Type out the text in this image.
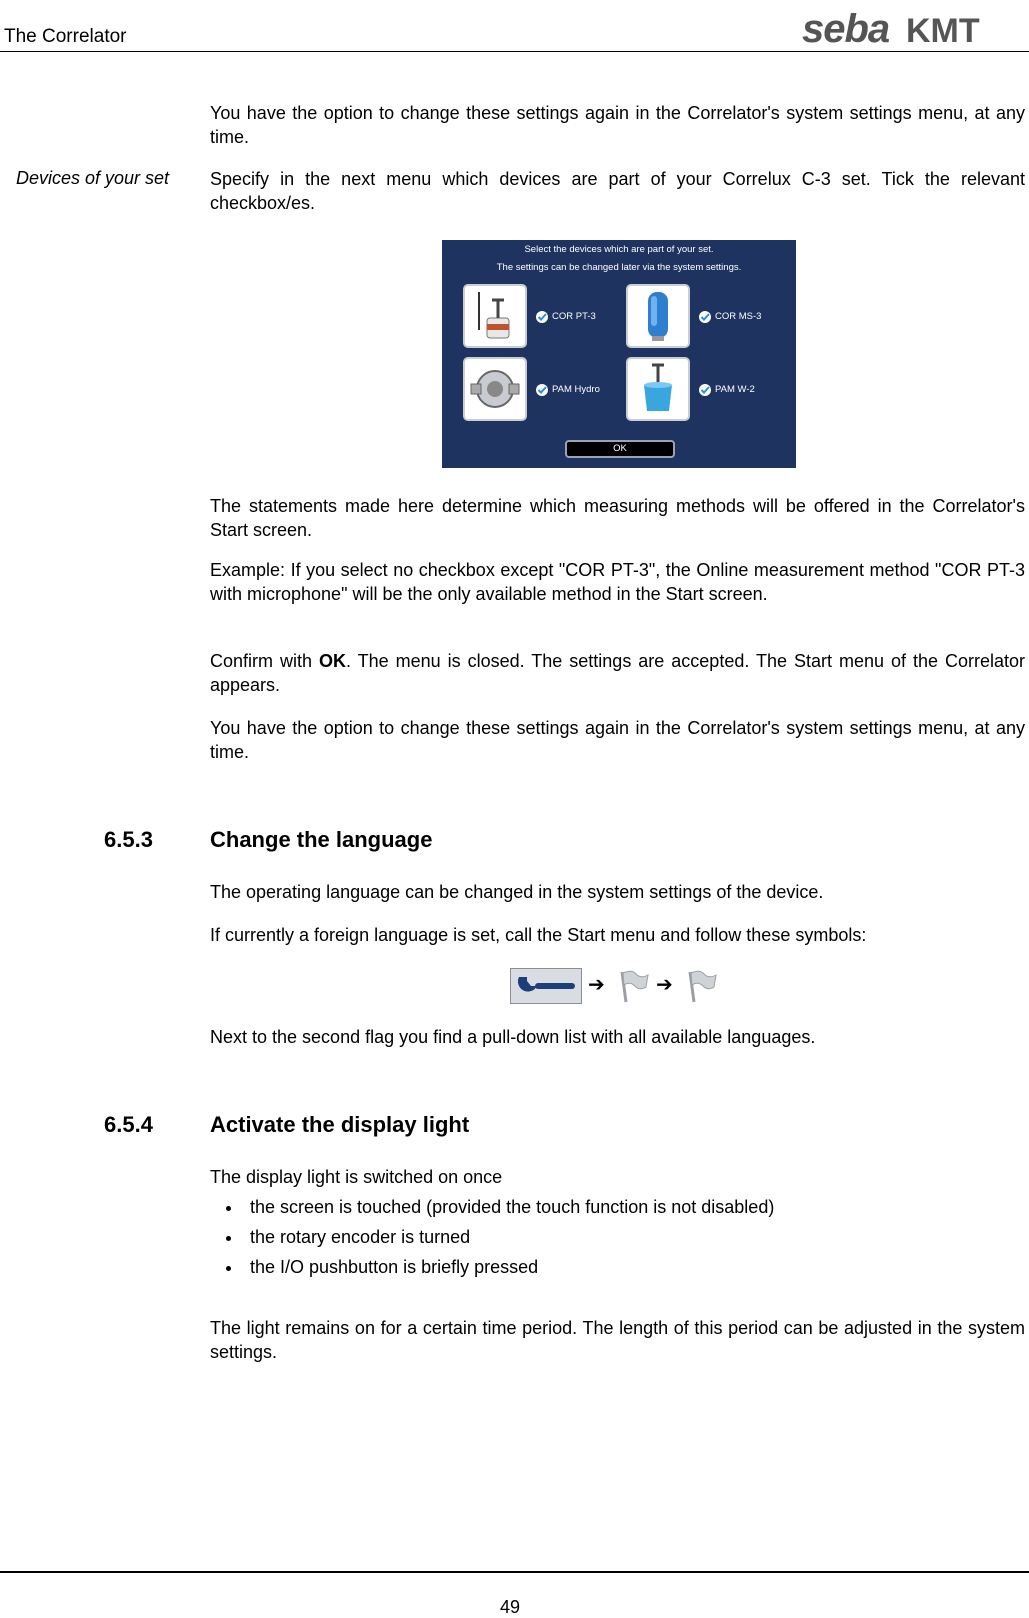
The Correlator	seba KMT

You have the option to change these settings again in the Correlator's system settings menu, at any time.

Devices of your set Specify in the next menu which devices are part of your Correlux C-3 set. Tick the relevant checkbox/es.

Select the devices which are part of your set.
The settings can be changed later via the system settings.
COR PT-3	COR MS-3
PAM Hydro	PAM W-2
OK

The statements made here determine which measuring methods will be offered in the Correlator's Start screen.

Example: If you select no checkbox except "COR PT-3", the Online measurement method "COR PT-3 with microphone" will be the only available method in the Start screen.

Confirm with OK. The menu is closed. The settings are accepted. The Start menu of the Correlator appears.

You have the option to change these settings again in the Correlator's system settings menu, at any time.

6.5.3	Change the language

The operating language can be changed in the system settings of the device.

If currently a foreign language is set, call the Start menu and follow these symbols:

➔	➔

Next to the second flag you find a pull-down list with all available languages.

6.5.4	Activate the display light

The display light is switched on once

the screen is touched (provided the touch function is not disabled)
the rotary encoder is turned
the I/O pushbutton is briefly pressed

The light remains on for a certain time period. The length of this period can be adjusted in the system settings.

49
